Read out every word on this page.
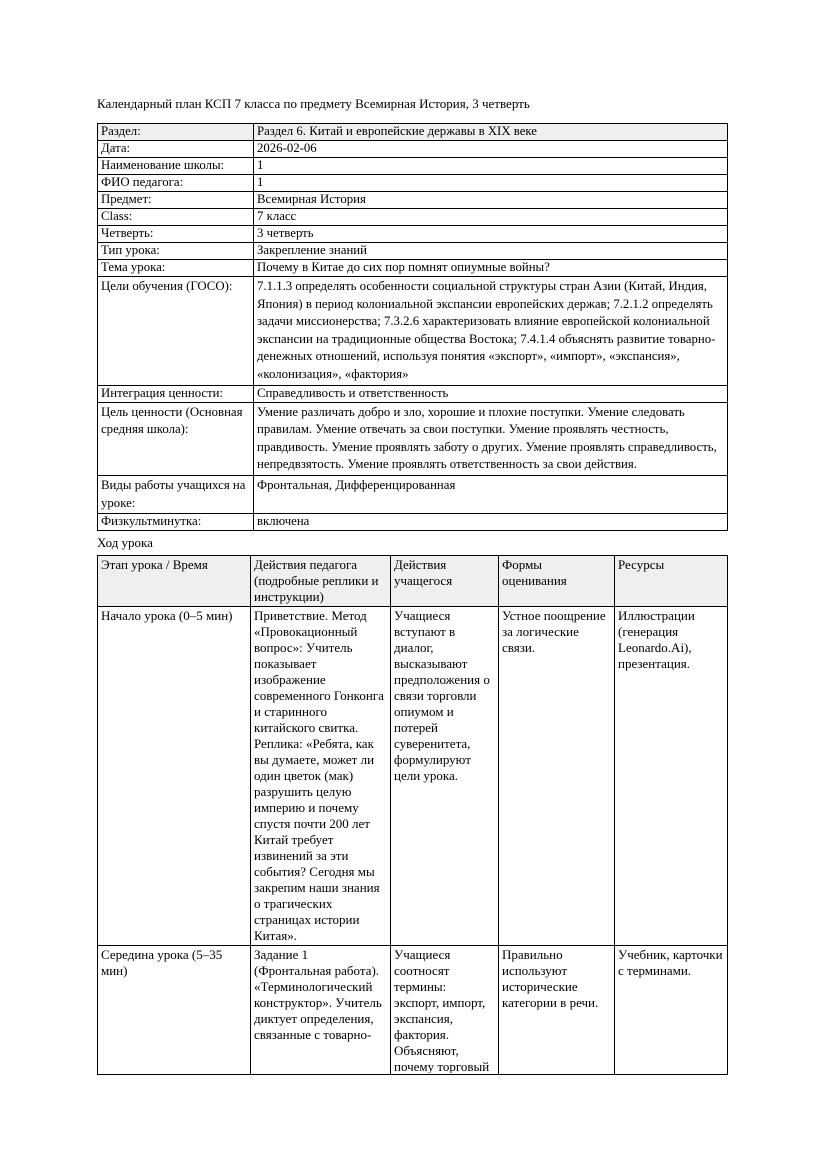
Календарный план КСП 7 класса по предмету Всемирная История, 3 четверть
Раздел:	Раздел 6. Китай и европейские державы в XIX веке
Дата:	2026-02-06
Наименование школы:	1
ФИО педагога:	1
Предмет:	Всемирная История
Class:	7 класс
Четверть:	3 четверть
Тип урока:	Закрепление знаний
Тема урока:	Почему в Китае до сих пор помнят опиумные войны?
Цели обучения (ГОСО):	7.1.1.3 определять особенности социальной структуры стран Азии (Китай, Индия, Япония) в период колониальной экспансии европейских держав; 7.2.1.2 определять задачи миссионерства; 7.3.2.6 характеризовать влияние европейской колониальной экспансии на традиционные общества Востока; 7.4.1.4 объяснять развитие товарно-денежных отношений, используя понятия «экспорт», «импорт», «экспансия», «колонизация», «фактория»
Интеграция ценности:	Справедливость и ответственность
Цель ценности (Основная средняя школа):	Умение различать добро и зло, хорошие и плохие поступки. Умение следовать правилам. Умение отвечать за свои поступки. Умение проявлять честность, правдивость. Умение проявлять заботу о других. Умение проявлять справедливость, непредвзятость. Умение проявлять ответственность за свои действия.
Виды работы учащихся на уроке:	Фронтальная, Дифференцированная
Физкультминутка:	включена

Ход урока

Этап урока / Время	Действия педагога (подробные реплики и инструкции)	Действия учащегося	Формы оценивания	Ресурсы
Начало урока (0–5 мин)	Приветствие. Метод «Провокационный вопрос»: Учитель показывает изображение современного Гонконга и старинного китайского свитка. Реплика: «Ребята, как вы думаете, может ли один цветок (мак) разрушить целую империю и почему спустя почти 200 лет Китай требует извинений за эти события? Сегодня мы закрепим наши знания о трагических страницах истории Китая».	Учащиеся вступают в диалог, высказывают предположения о связи торговли опиумом и потерей суверенитета, формулируют цели урока.	Устное поощрение за логические связи.	Иллюстрации (генерация Leonardo.Ai), презентация.

Середина урока (5–35 мин)	Задание 1 (Фронтальная работа). «Терминологический конструктор». Учитель диктует определения, связанные с товарно-	Учащиеся соотносят термины: экспорт, импорт, экспансия, фактория. Объясняют, почему торговый	Правильно используют исторические категории в речи.	Учебник, карточки с терминами.
